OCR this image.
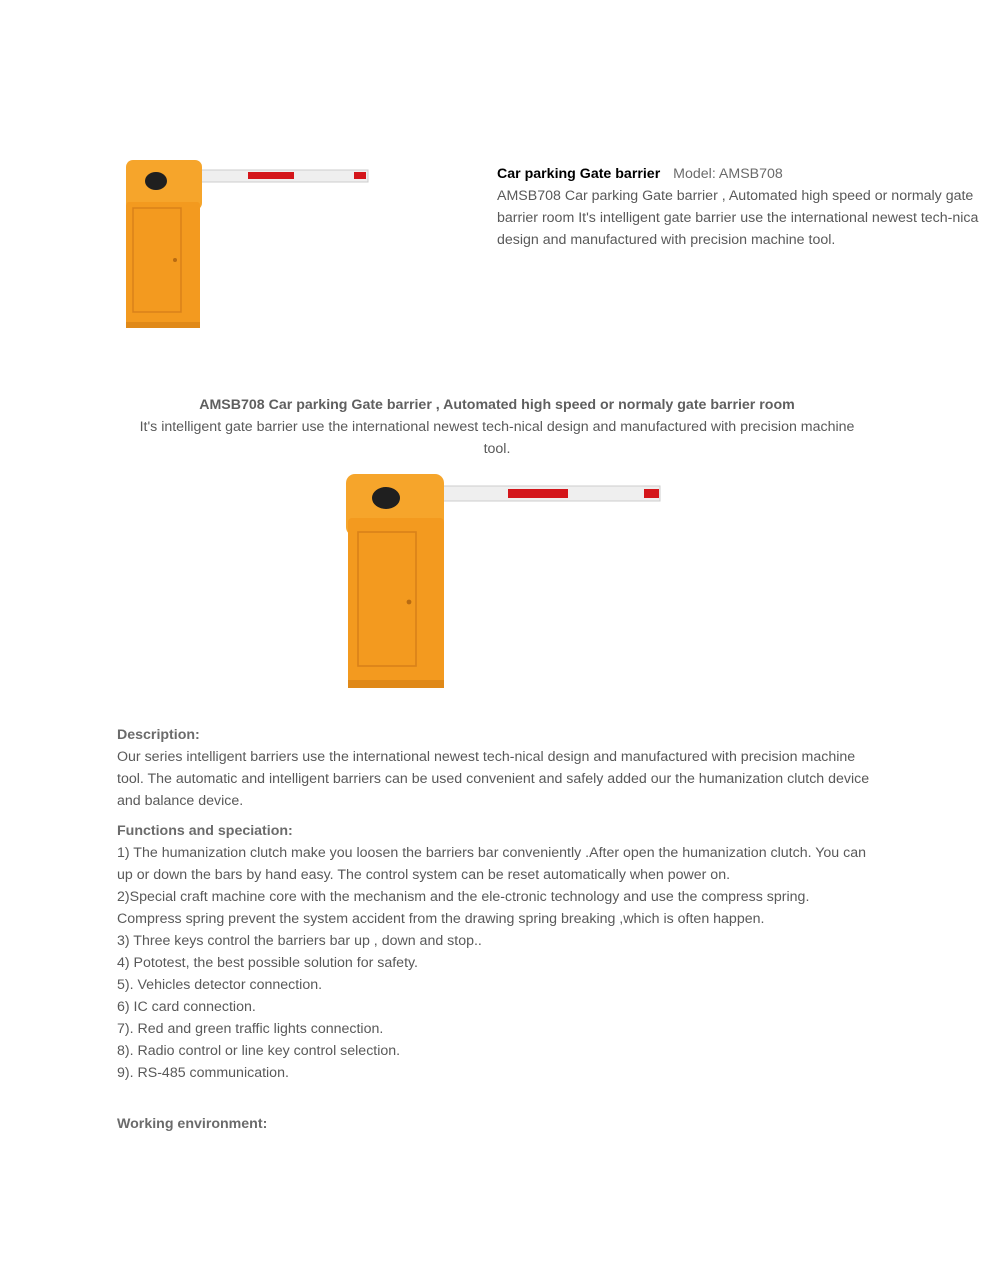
Car parking Gate barrier Model: AMSB708
AMSB708 Car parking Gate barrier , Automated high speed or normaly gate
barrier room It's intelligent gate barrier use the international newest tech-nica
design and manufactured with precision machine tool.
AMSB708 Car parking Gate barrier , Automated high speed or normaly gate barrier room
It's intelligent gate barrier use the international newest tech-nical design and manufactured with precision machine
tool.
Description:
Our series intelligent barriers use the international newest tech-nical design and manufactured with precision machine tool. The automatic and intelligent barriers can be used convenient and safely added our the humanization clutch device and balance device.
Functions and speciation:

1) The humanization clutch make you loosen the barriers bar conveniently .After open the humanization clutch. You can up or down the bars by hand easy. The control system can be reset automatically when power on.

2)Special craft machine core with the mechanism and the ele-ctronic technology and use the compress spring. Compress spring prevent the system accident from the drawing spring breaking ,which is often happen.

3) Three keys control the barriers bar up , down and stop..

4) Pototest, the best possible solution for safety.

5). Vehicles detector connection.

6) IC card connection.

7). Red and green traffic lights connection.

8). Radio control or line key control selection.

9). RS-485 communication.

Working environment:
